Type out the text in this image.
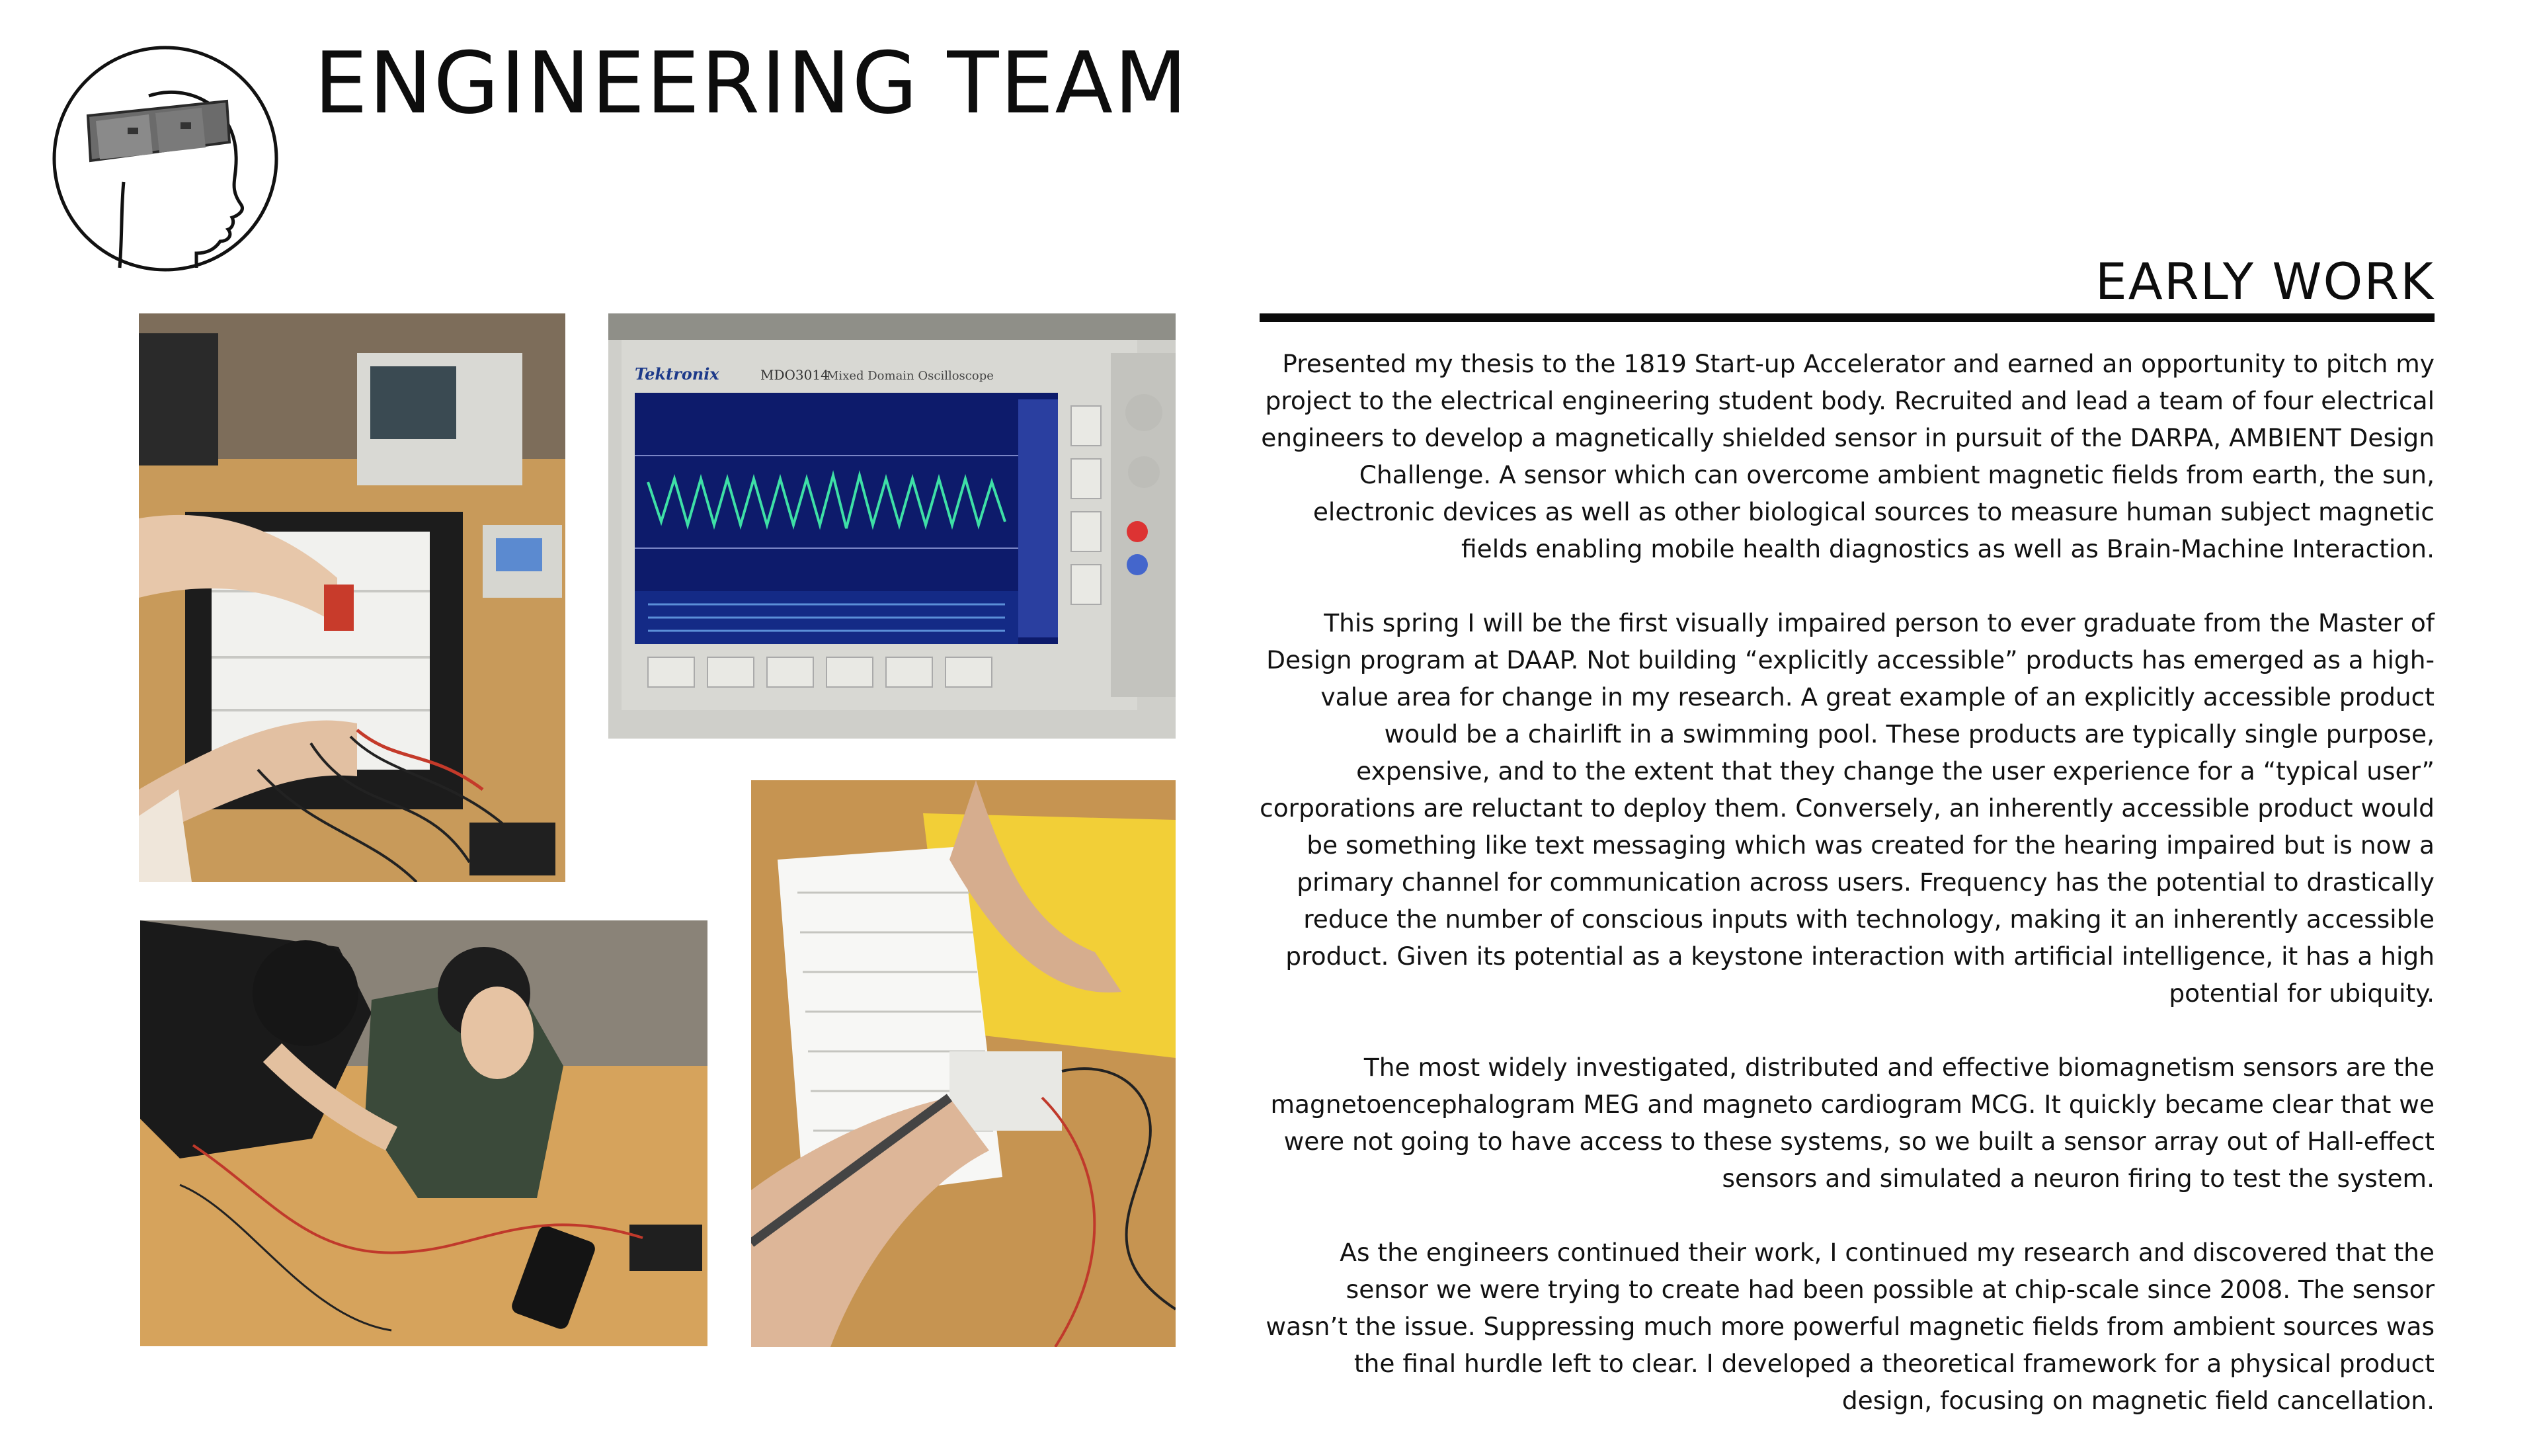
ENGINEERING TEAM
EARLY WORK

Presented my thesis to the 1819 Start-up Accelerator and earned an opportunity to pitch my project to the electrical engineering student body. Recruited and lead a team of four electrical engineers to develop a magnetically shielded sensor in pursuit of the DARPA, AMBIENT Design Challenge. A sensor which can overcome ambient magnetic fields from earth, the sun, electronic devices as well as other biological sources to measure human subject magnetic fields enabling mobile health diagnostics as well as Brain-Machine Interaction.

This spring I will be the first visually impaired person to ever graduate from the Master of Design program at DAAP. Not building “explicitly accessible” products has emerged as a high-value area for change in my research. A great example of an explicitly accessible product would be a chairlift in a swimming pool. These products are typically single purpose, expensive, and to the extent that they change the user experience for a “typical user” corporations are reluctant to deploy them. Conversely, an inherently accessible product would be something like text messaging which was created for the hearing impaired but is now a primary channel for communication across users. Frequency has the potential to drastically reduce the number of conscious inputs with technology, making it an inherently accessible product. Given its potential as a keystone interaction with artificial intelligence, it has a high potential for ubiquity.

The most widely investigated, distributed and effective biomagnetism sensors are the magnetoencephalogram MEG and magneto cardiogram MCG. It quickly became clear that we were not going to have access to these systems, so we built a sensor array out of Hall-effect sensors and simulated a neuron firing to test the system.

As the engineers continued their work, I continued my research and discovered that the sensor we were trying to create had been possible at chip-scale since 2008. The sensor wasn’t the issue. Suppressing much more powerful magnetic fields from ambient sources was the final hurdle left to clear. I developed a theoretical framework for a physical product design, focusing on magnetic field cancellation.

Tektronix	MDO3014
Mixed Domain Oscilloscope
